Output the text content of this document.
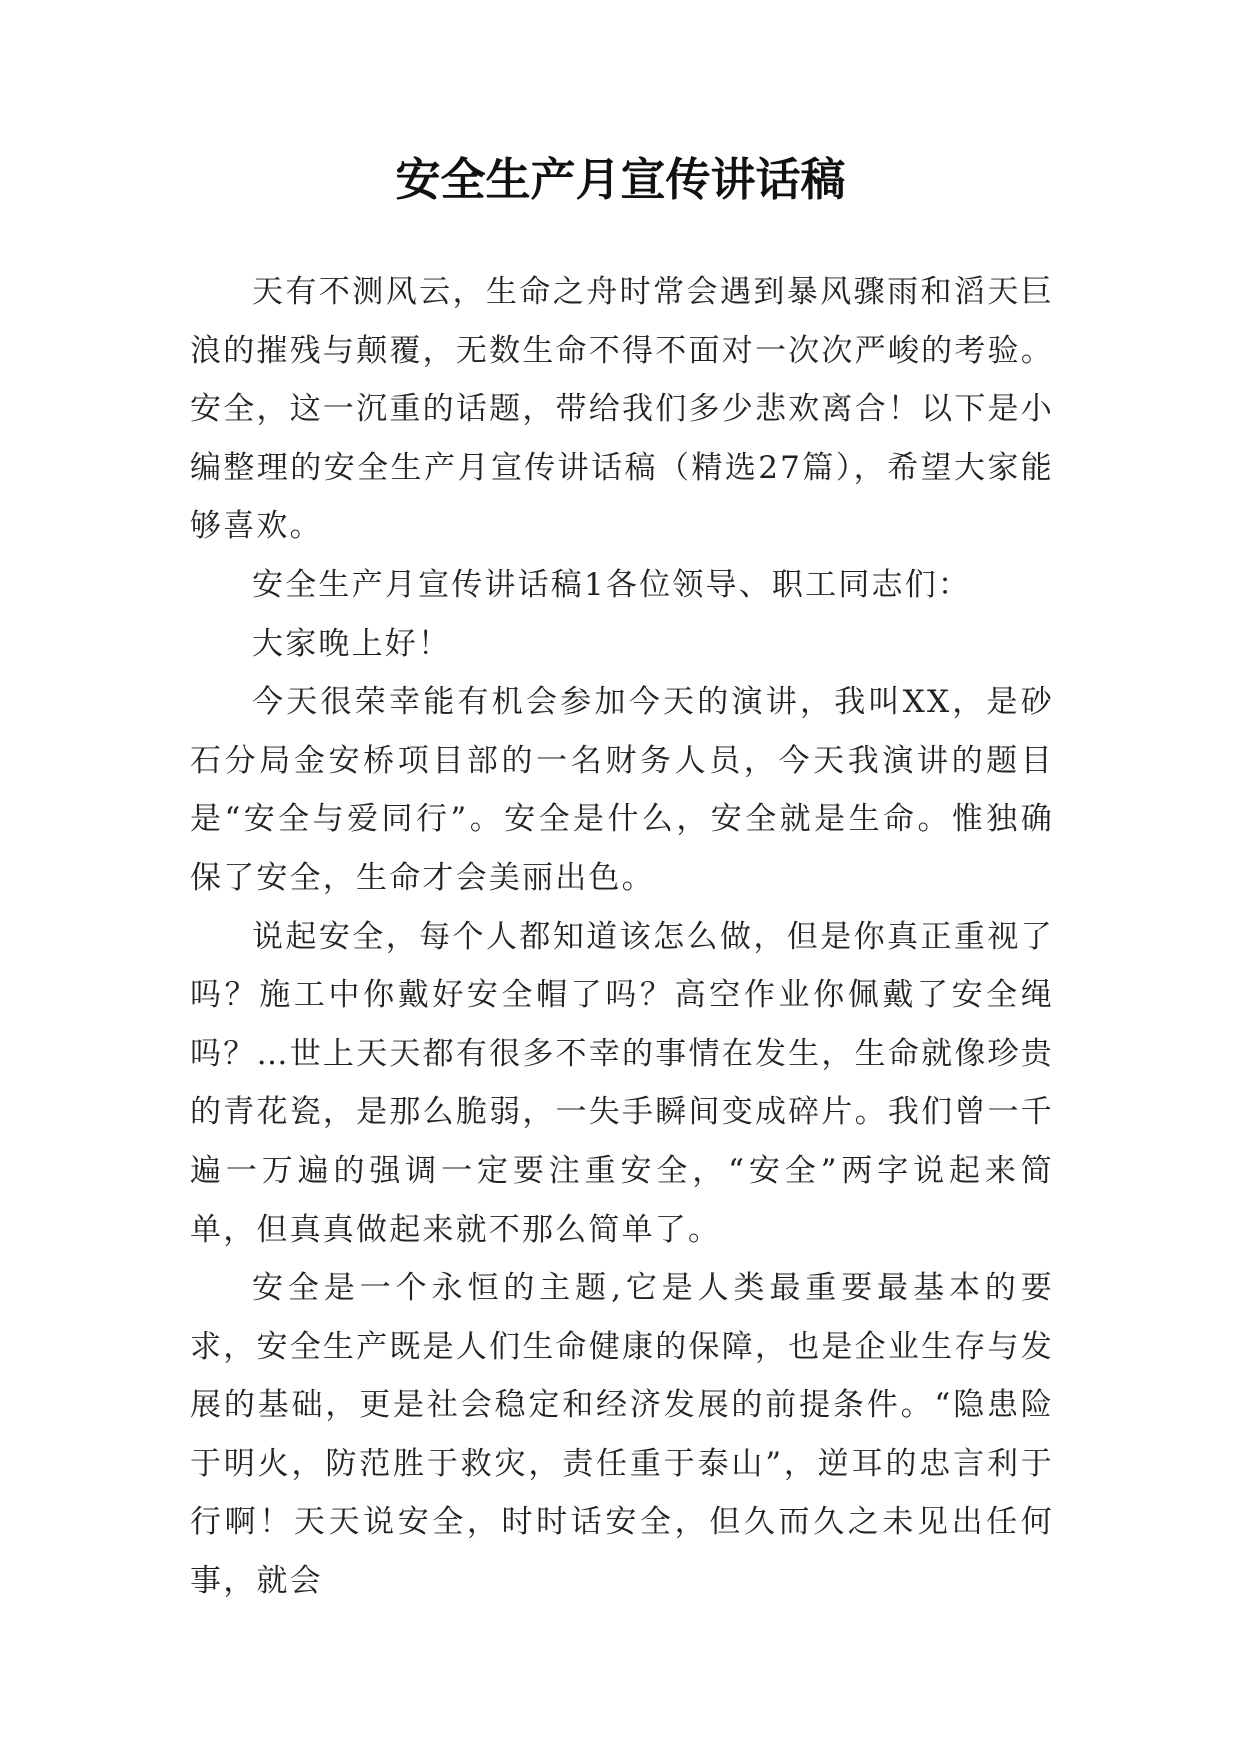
安全生产月宣传讲话稿

天有不测风云，生命之舟时常会遇到暴风骤雨和滔天巨浪的摧残与颠覆，无数生命不得不面对一次次严峻的考验。安全，这一沉重的话题，带给我们多少悲欢离合！以下是小编整理的安全生产月宣传讲话稿（精选27篇），希望大家能够喜欢。

安全生产月宣传讲话稿1各位领导、职工同志们：

大家晚上好！

今天很荣幸能有机会参加今天的演讲，我叫XX，是砂石分局金安桥项目部的一名财务人员，今天我演讲的题目是“安全与爱同行”。安全是什么，安全就是生命。惟独确保了安全，生命才会美丽出色。

说起安全，每个人都知道该怎么做，但是你真正重视了吗？施工中你戴好安全帽了吗？高空作业你佩戴了安全绳吗？…世上天天都有很多不幸的事情在发生，生命就像珍贵的青花瓷，是那么脆弱，一失手瞬间变成碎片。我们曾一千遍一万遍的强调一定要注重安全，“安全”两字说起来简单，但真真做起来就不那么简单了。

安全是一个永恒的主题,它是人类最重要最基本的要求，安全生产既是人们生命健康的保障，也是企业生存与发展的基础，更是社会稳定和经济发展的前提条件。“隐患险于明火，防范胜于救灾，责任重于泰山”，逆耳的忠言利于行啊！天天说安全，时时话安全，但久而久之未见出任何事，就会
